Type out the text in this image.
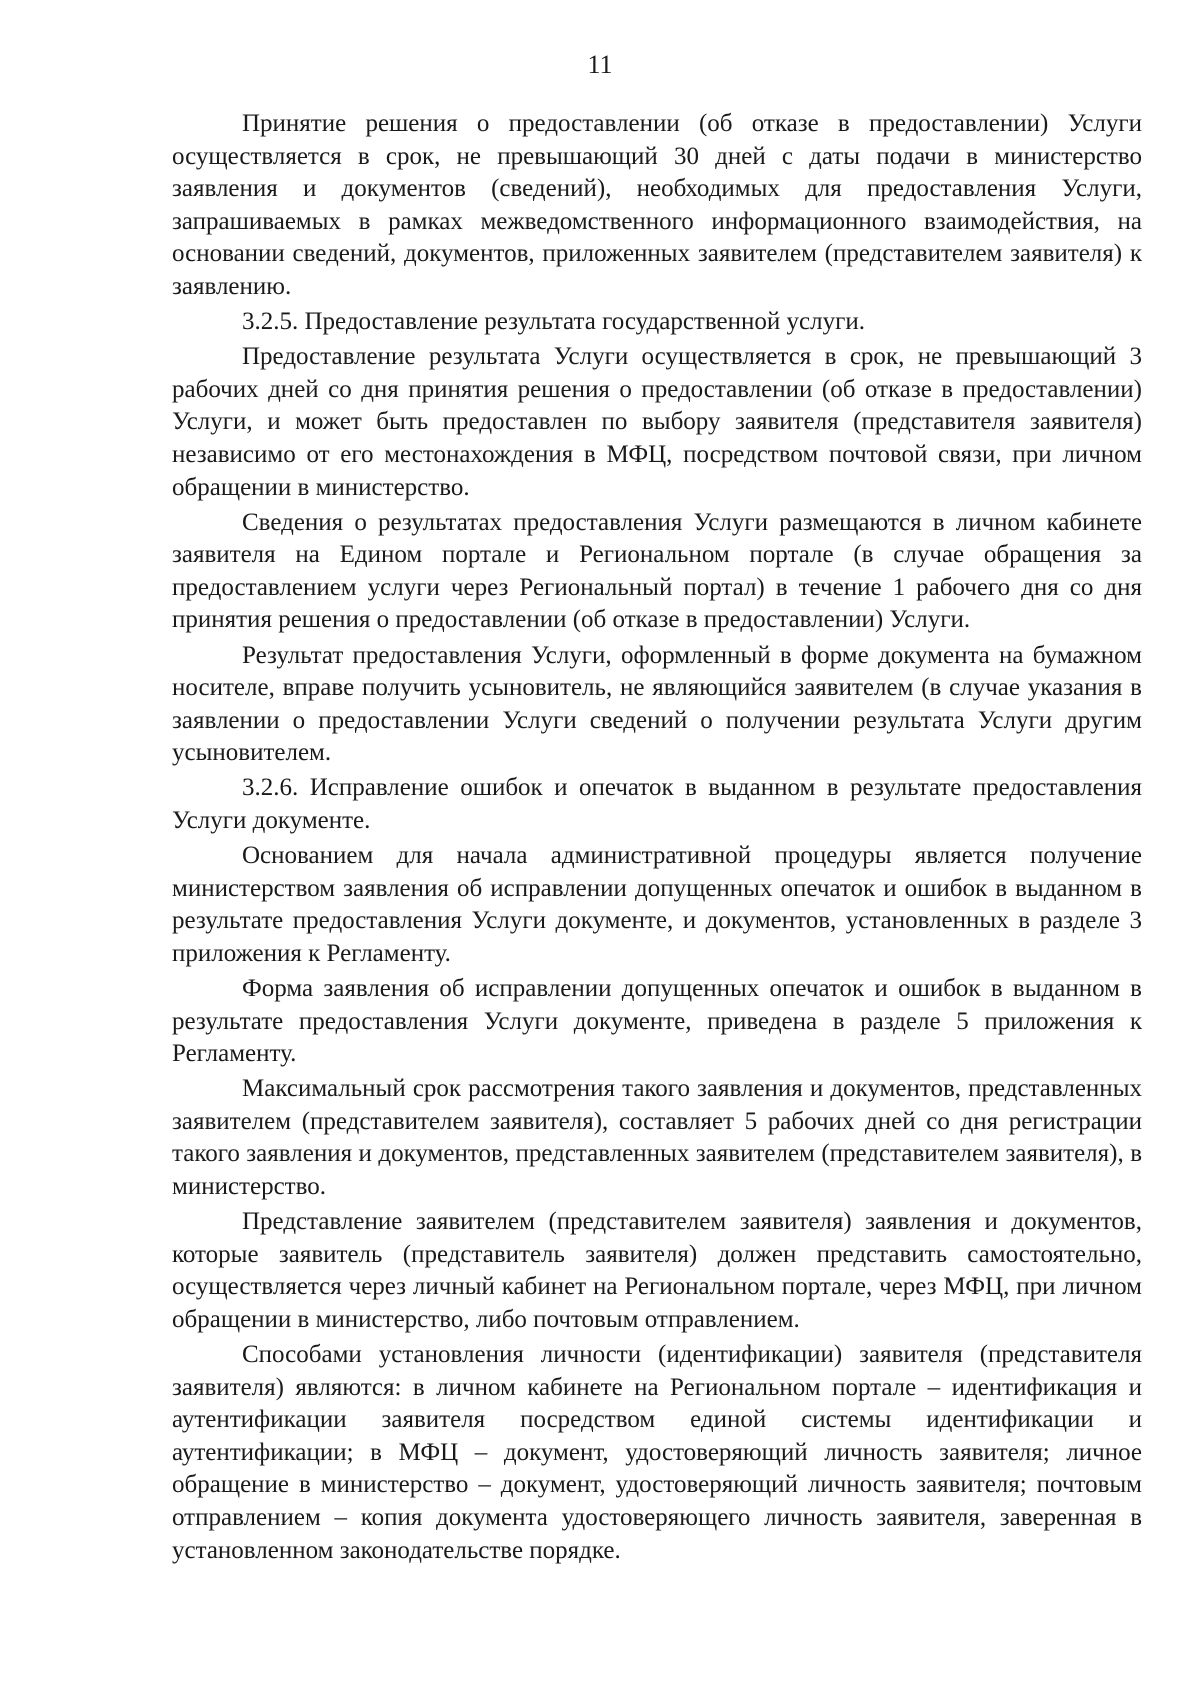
11

Принятие решения о предоставлении (об отказе в предоставлении) Услуги осуществляется в срок, не превышающий 30 дней с даты подачи в министерство заявления и документов (сведений), необходимых для предоставления Услуги, запрашиваемых в рамках межведомственного информационного взаимодействия, на основании сведений, документов, приложенных заявителем (представителем заявителя) к заявлению.

3.2.5. Предоставление результата государственной услуги.

Предоставление результата Услуги осуществляется в срок, не превышающий 3 рабочих дней со дня принятия решения о предоставлении (об отказе в предоставлении) Услуги, и может быть предоставлен по выбору заявителя (представителя заявителя) независимо от его местонахождения в МФЦ, посредством почтовой связи, при личном обращении в министерство.

Сведения о результатах предоставления Услуги размещаются в личном кабинете заявителя на Едином портале и Региональном портале (в случае обращения за предоставлением услуги через Региональный портал) в течение 1 рабочего дня со дня принятия решения о предоставлении (об отказе в предоставлении) Услуги.

Результат предоставления Услуги, оформленный в форме документа на бумажном носителе, вправе получить усыновитель, не являющийся заявителем (в случае указания в заявлении о предоставлении Услуги сведений о получении результата Услуги другим усыновителем.

3.2.6. Исправление ошибок и опечаток в выданном в результате предоставления Услуги документе.

Основанием для начала административной процедуры является получение министерством заявления об исправлении допущенных опечаток и ошибок в выданном в результате предоставления Услуги документе, и документов, установленных в разделе 3 приложения к Регламенту.

Форма заявления об исправлении допущенных опечаток и ошибок в выданном в результате предоставления Услуги документе, приведена в разделе 5 приложения к Регламенту.

Максимальный срок рассмотрения такого заявления и документов, представленных заявителем (представителем заявителя), составляет 5 рабочих дней со дня регистрации такого заявления и документов, представленных заявителем (представителем заявителя), в министерство.

Представление заявителем (представителем заявителя) заявления и документов, которые заявитель (представитель заявителя) должен представить самостоятельно, осуществляется через личный кабинет на Региональном портале, через МФЦ, при личном обращении в министерство, либо почтовым отправлением.

Способами установления личности (идентификации) заявителя (представителя заявителя) являются: в личном кабинете на Региональном портале – идентификация и аутентификации заявителя посредством единой системы идентификации и аутентификации; в МФЦ – документ, удостоверяющий личность заявителя; личное обращение в министерство – документ, удостоверяющий личность заявителя; почтовым отправлением – копия документа удостоверяющего личность заявителя, заверенная в установленном законодательстве порядке.
